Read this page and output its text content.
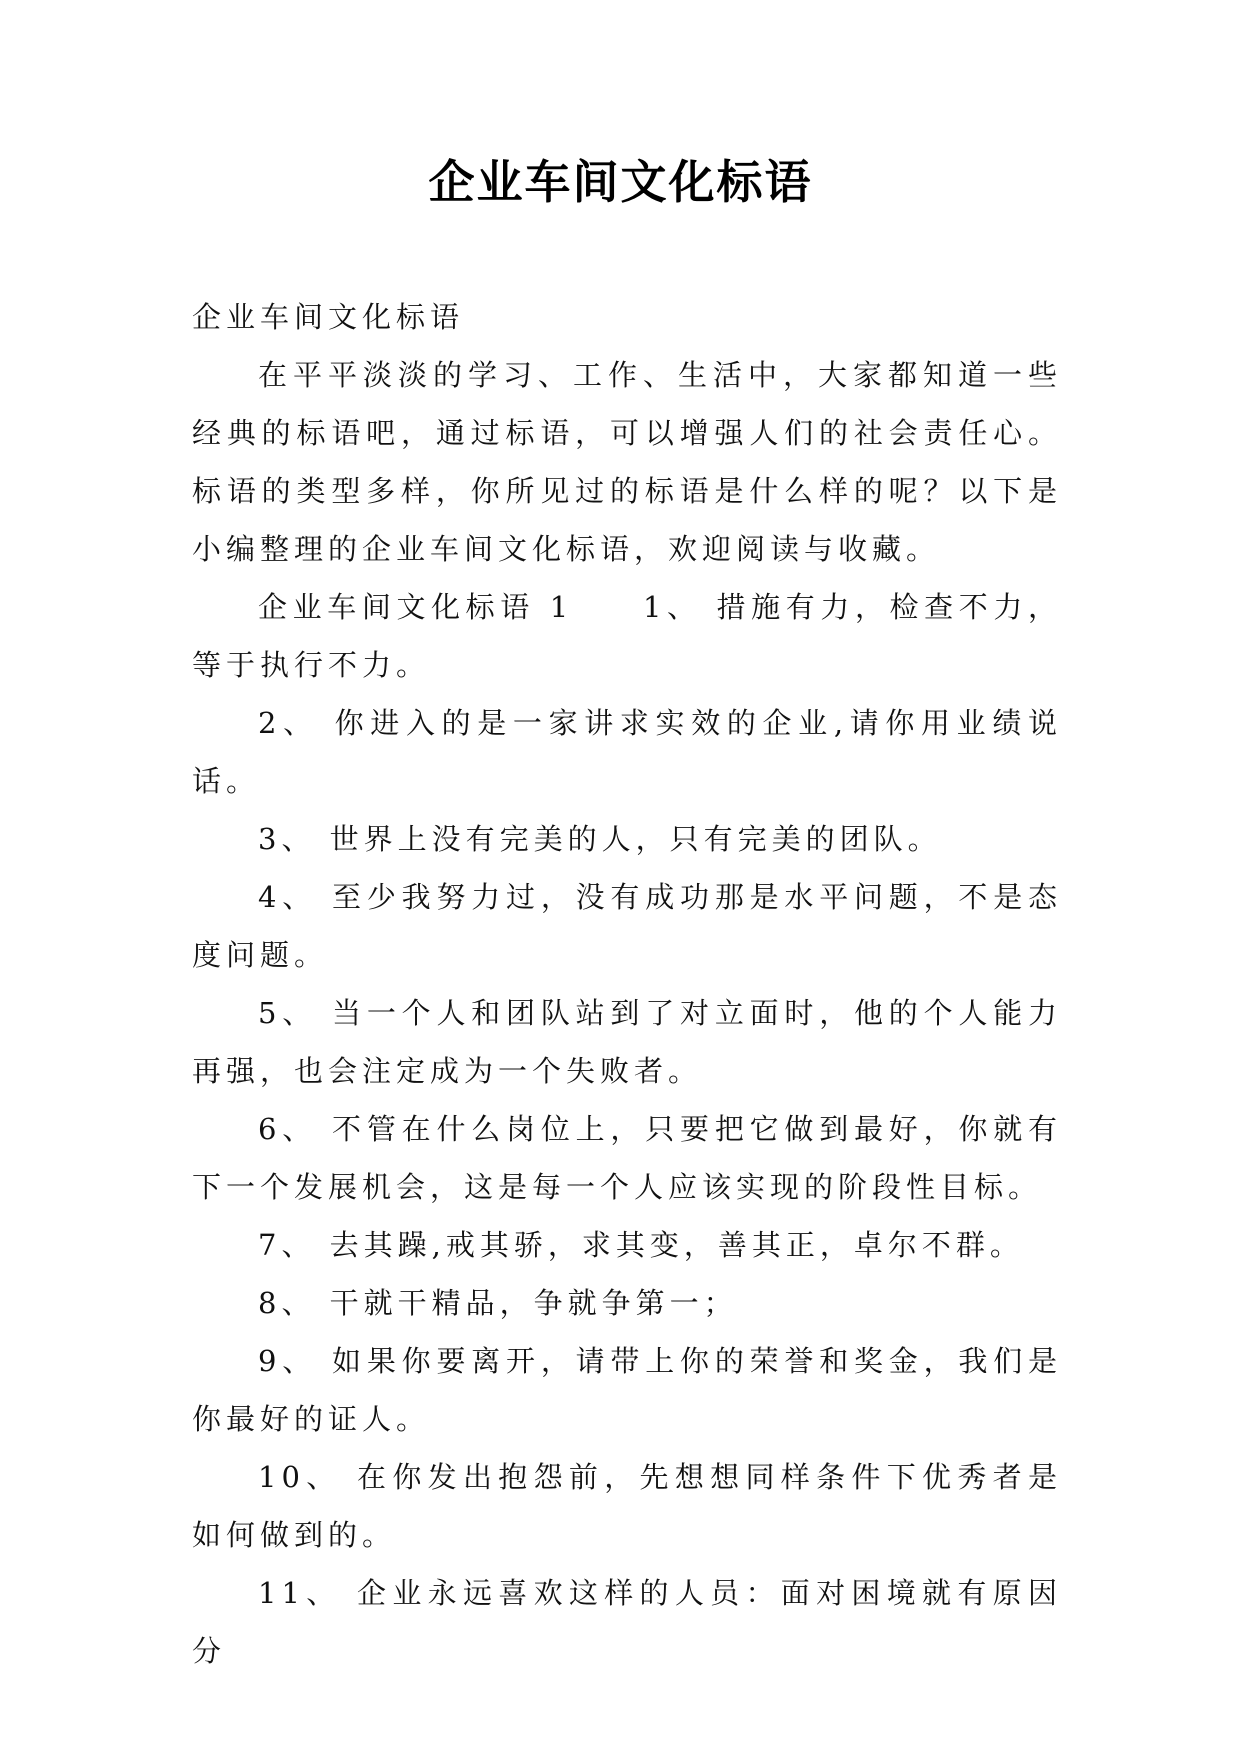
企业车间文化标语

企业车间文化标语

在平平淡淡的学习、工作、生活中，大家都知道一些经典的标语吧，通过标语，可以增强人们的社会责任心。标语的类型多样，你所见过的标语是什么样的呢？以下是小编整理的企业车间文化标语，欢迎阅读与收藏。

企业车间文化标语 1　　1、 措施有力，检查不力，等于执行不力。

2、 你进入的是一家讲求实效的企业,请你用业绩说话。

3、 世界上没有完美的人，只有完美的团队。

4、 至少我努力过，没有成功那是水平问题，不是态度问题。

5、 当一个人和团队站到了对立面时，他的个人能力再强，也会注定成为一个失败者。

6、 不管在什么岗位上，只要把它做到最好，你就有下一个发展机会，这是每一个人应该实现的阶段性目标。

7、 去其躁,戒其骄，求其变，善其正，卓尔不群。

8、 干就干精品，争就争第一；

9、 如果你要离开，请带上你的荣誉和奖金，我们是你最好的证人。

10、 在你发出抱怨前，先想想同样条件下优秀者是如何做到的。

11、 企业永远喜欢这样的人员：面对困境就有原因分
